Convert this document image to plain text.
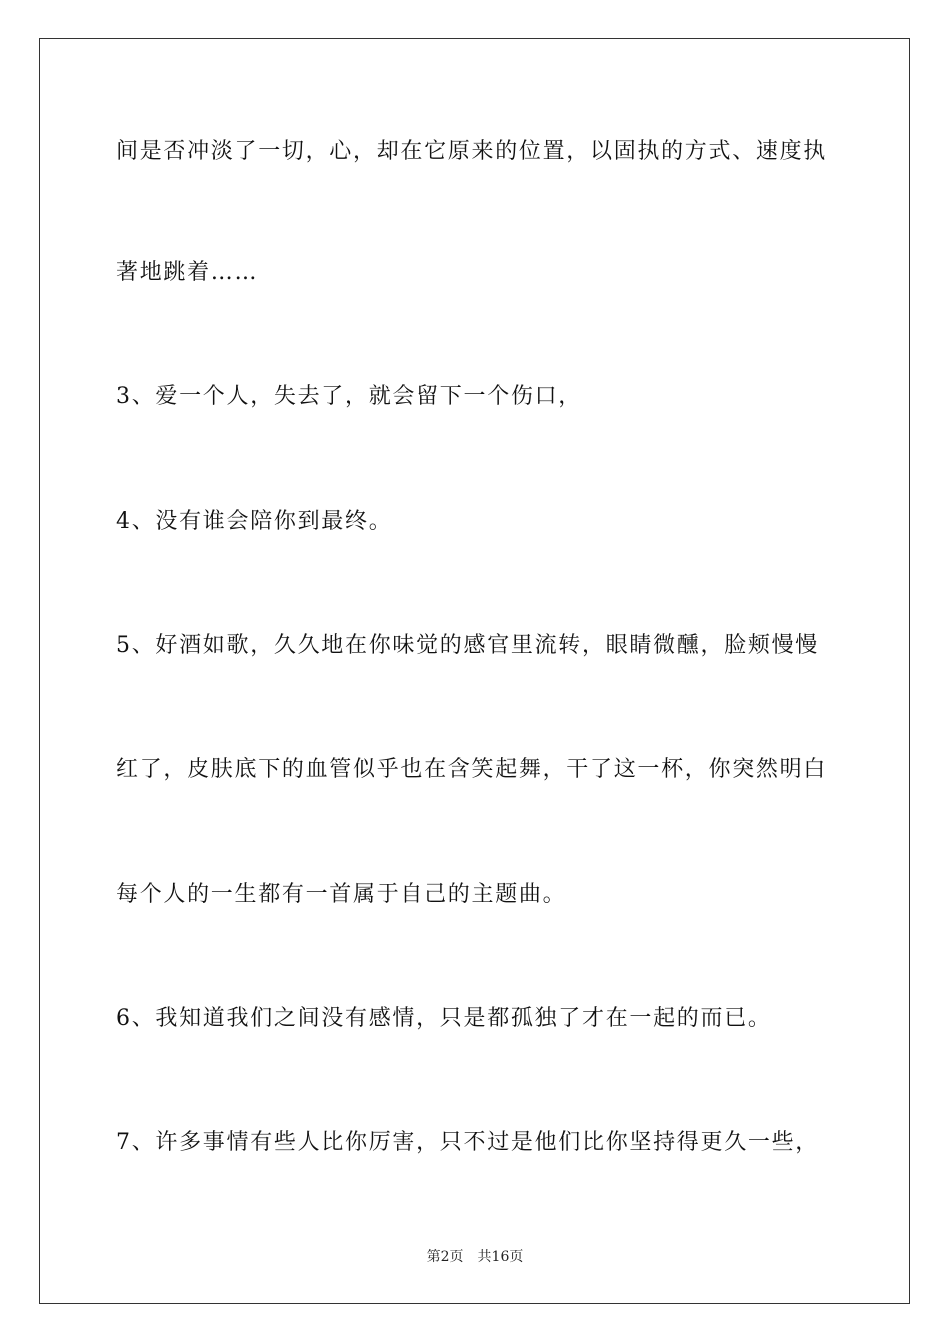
间是否冲淡了一切，心，却在它原来的位置，以固执的方式、速度执
著地跳着……
3、爱一个人，失去了，就会留下一个伤口，
4、没有谁会陪你到最终。
5、好酒如歌，久久地在你味觉的感官里流转，眼睛微醺，脸颊慢慢
红了，皮肤底下的血管似乎也在含笑起舞，干了这一杯，你突然明白
每个人的一生都有一首属于自己的主题曲。
6、我知道我们之间没有感情，只是都孤独了才在一起的而已。
7、许多事情有些人比你厉害，只不过是他们比你坚持得更久一些，
第2页 共16页
